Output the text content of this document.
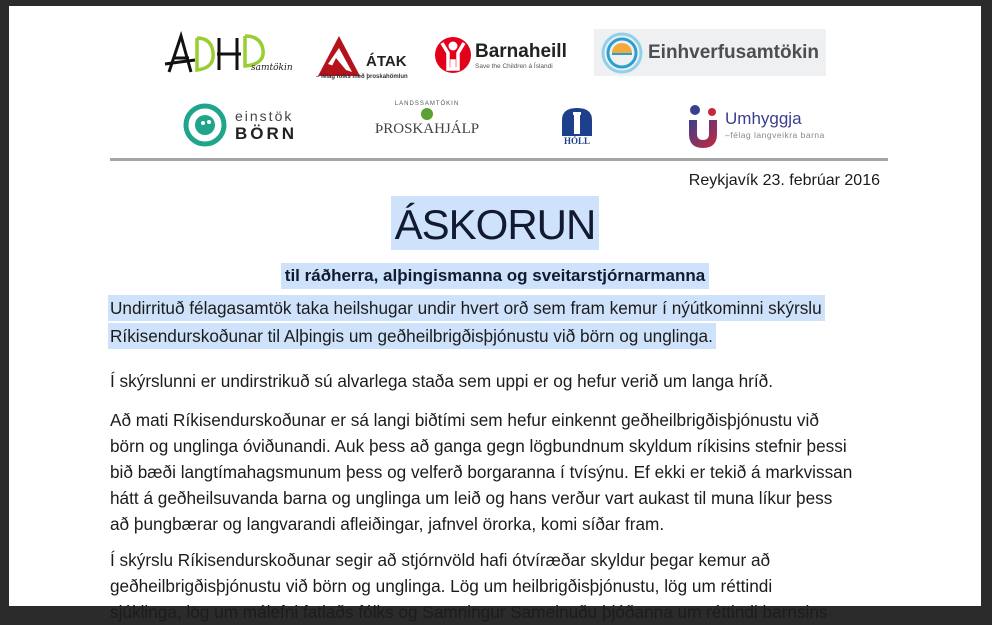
samtökin	ÁTAK
– félag fólks með þroskahömlun
Barnaheill
Save the Children á Íslandi
Einhverfusamtökin
einstök
BÖRN
LANDSSAMTÖKIN
ÞROSKAHJÁLP
HÓLL
Umhyggja
–félag langveikra barna
Reykjavík 23. febrúar 2016
ÁSKORUN
til ráðherra, alþingismanna og sveitarstjórnarmanna
Undirrituð félagasamtök taka heilshugar undir hvert orð sem fram kemur í nýútkominni skýrslu
Ríkisendurskoðunar til Alþingis um geðheilbrigðisþjónustu við börn og unglinga.
Í skýrslunni er undirstrikuð sú alvarlega staða sem uppi er og hefur verið um langa hríð.
Að mati Ríkisendurskoðunar er sá langi biðtími sem hefur einkennt geðheilbrigðisþjónustu við
börn og unglinga óviðunandi. Auk þess að ganga gegn lögbundnum skyldum ríkisins stefnir þessi
bið bæði langtímahagsmunum þess og velferð borgaranna í tvísýnu. Ef ekki er tekið á markvissan
hátt á geðheilsuvanda barna og unglinga um leið og hans verður vart aukast til muna líkur þess
að þungbærar og langvarandi afleiðingar, jafnvel örorka, komi síðar fram.
Í skýrslu Ríkisendurskoðunar segir að stjórnvöld hafi ótvíræðar skyldur þegar kemur að
geðheilbrigðisþjónustu við börn og unglinga. Lög um heilbrigðisþjónustu, lög um réttindi
sjúklinga, lög um málefni fatlaðs fólks og Samningur Sameinuðu þjóðanna um réttindi barnsins
